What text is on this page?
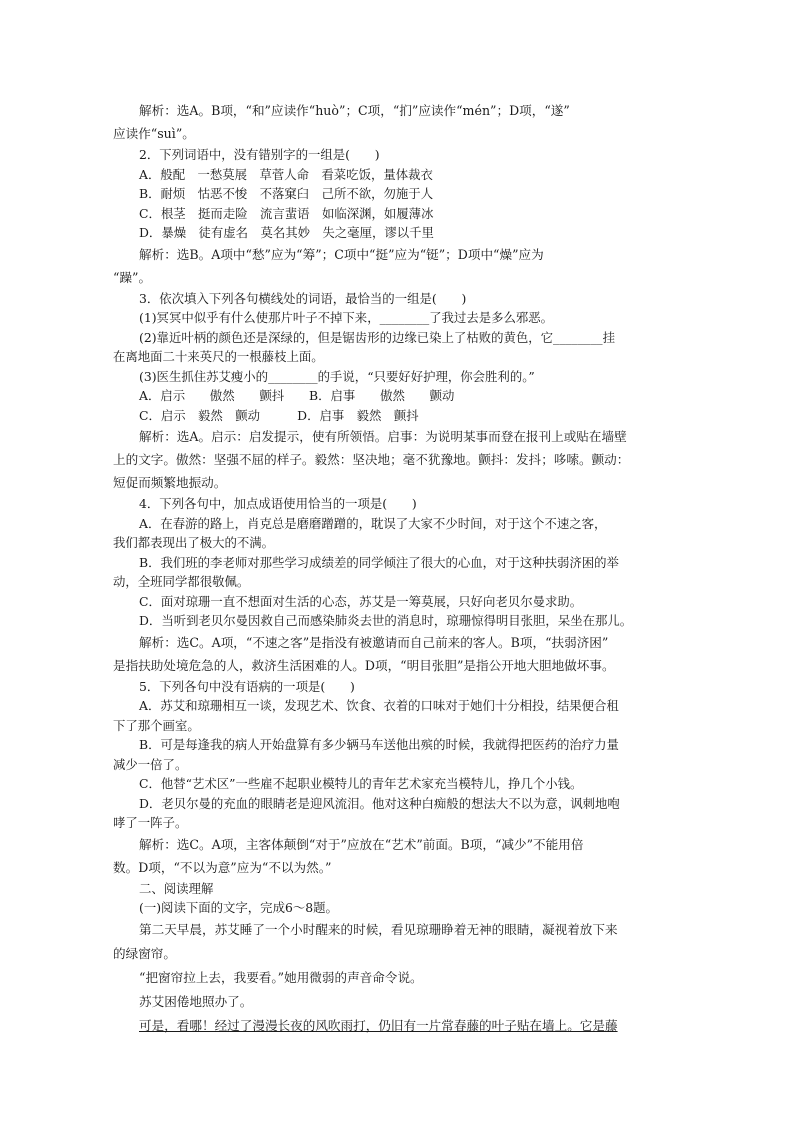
解析：选A。B项，“和”应读作“huò”；C项，“扪”应读作“mén”；D项，“遂”
应读作“suì”。
2．下列词语中，没有错别字的一组是(　　)
A．般配　一愁莫展　草菅人命　看菜吃饭，量体裁衣
B．耐烦　怙恶不悛　不落窠臼　己所不欲，勿施于人
C．根茎　挺而走险　流言蜚语　如临深渊，如履薄冰
D．暴燥　徒有虚名　莫名其妙　失之毫厘，谬以千里
解析：选B。A项中“愁”应为“筹”；C项中“挺”应为“铤”；D项中“燥”应为
“躁”。
3．依次填入下列各句横线处的词语，最恰当的一组是(　　)
(1)冥冥中似乎有什么使那片叶子不掉下来，________了我过去是多么邪恶。
(2)靠近叶柄的颜色还是深绿的，但是锯齿形的边缘已染上了枯败的黄色，它________挂
在离地面二十来英尺的一根藤枝上面。
(3)医生抓住苏艾瘦小的________的手说，“只要好好护理，你会胜利的。”
A．启示　　傲然　　颤抖　　B．启事　　傲然　　颤动
C．启示　毅然　颤动　　　D．启事　毅然　颤抖
解析：选A。启示：启发提示，使有所领悟。启事：为说明某事而登在报刊上或贴在墙壁
上的文字。傲然：坚强不屈的样子。毅然：坚决地；毫不犹豫地。颤抖：发抖；哆嗦。颤动：
短促而频繁地振动。
4．下列各句中，加点成语使用恰当的一项是(　　)
A．在春游的路上，肖克总是磨磨蹭蹭的，耽误了大家不少时间，对于这个不速之客，
我们都表现出了极大的不满。
B．我们班的李老师对那些学习成绩差的同学倾注了很大的心血，对于这种扶弱济困的举
动，全班同学都很敬佩。
C．面对琼珊一直不想面对生活的心态，苏艾是一筹莫展，只好向老贝尔曼求助。
D．当听到老贝尔曼因救自己而感染肺炎去世的消息时，琼珊惊得明目张胆，呆坐在那儿。
解析：选C。A项，“不速之客”是指没有被邀请而自己前来的客人。B项，“扶弱济困”
是指扶助处境危急的人，救济生活困难的人。D项，“明目张胆”是指公开地大胆地做坏事。
5．下列各句中没有语病的一项是(　　)
A．苏艾和琼珊相互一谈，发现艺术、饮食、衣着的口味对于她们十分相投，结果便合租
下了那个画室。
B．可是每逢我的病人开始盘算有多少辆马车送他出殡的时候，我就得把医药的治疗力量
减少一倍了。
C．他替“艺术区”一些雇不起职业模特儿的青年艺术家充当模特儿，挣几个小钱。
D．老贝尔曼的充血的眼睛老是迎风流泪。他对这种白痴般的想法大不以为意，讽刺地咆
哮了一阵子。
解析：选C。A项，主客体颠倒“对于”应放在“艺术”前面。B项，“减少”不能用倍
数。D项，“不以为意”应为“不以为然。”
二、阅读理解
(一)阅读下面的文字，完成6～8题。
第二天早晨，苏艾睡了一个小时醒来的时候，看见琼珊睁着无神的眼睛，凝视着放下来
的绿窗帘。
“把窗帘拉上去，我要看。”她用微弱的声音命令说。
苏艾困倦地照办了。
可是，看哪！经过了漫漫长夜的风吹雨打，仍旧有一片常春藤的叶子贴在墙上。它是藤
